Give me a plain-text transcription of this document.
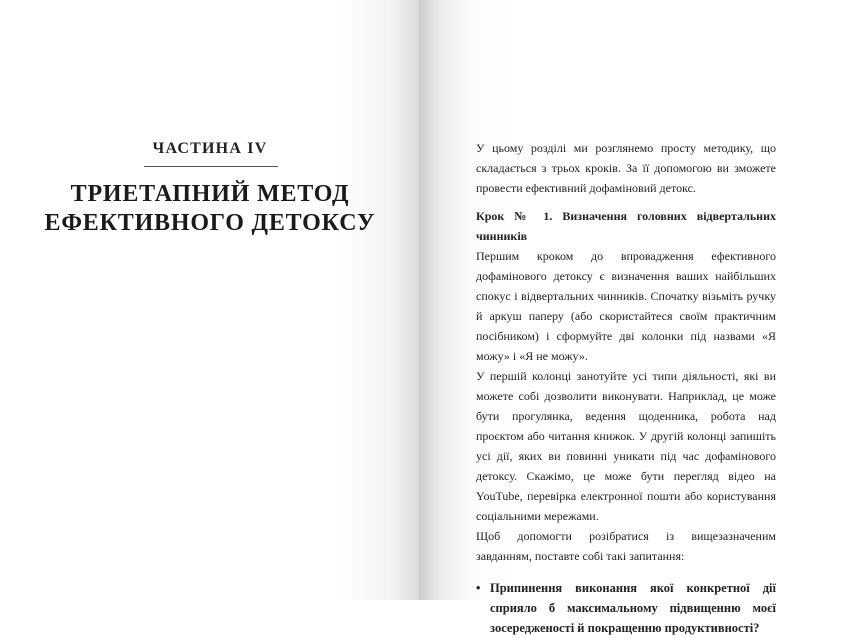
ЧАСТИНА IV
ТРИЕТАПНИЙ МЕТОД
ЕФЕКТИВНОГО ДЕТОКСУ

У цьому розділі ми розглянемо просту методику, що складається з трьох кроків. За її допомогою ви зможете провести ефективний дофаміновий детокс.

Крок № 1. Визначення головних відвертальних чинників

Першим кроком до впровадження ефективного дофамінового детоксу є визначення ваших найбільших спокус і відвертальних чинників. Спочатку візьміть ручку й аркуш паперу (або скористайтеся своїм практичним посібником) і сформуйте дві колонки під назвами «Я можу» і «Я не можу».

У першій колонці занотуйте усі типи діяльності, які ви можете собі дозволити виконувати. Наприклад, це може бути прогулянка, ведення щоденника, робота над проєктом або читання книжок. У другій колонці запишіть усі дії, яких ви повинні уникати під час дофамінового детоксу. Скажімо, це може бути перегляд відео на YouTube, перевірка електронної пошти або користування соціальними мережами.

Щоб допомогти розібратися із вищезазначеним завданням, поставте собі такі запитання:

• Припинення виконання якої конкретної дії сприяло б максимальному підвищенню моєї зосередженості й покращенню продуктивності?
